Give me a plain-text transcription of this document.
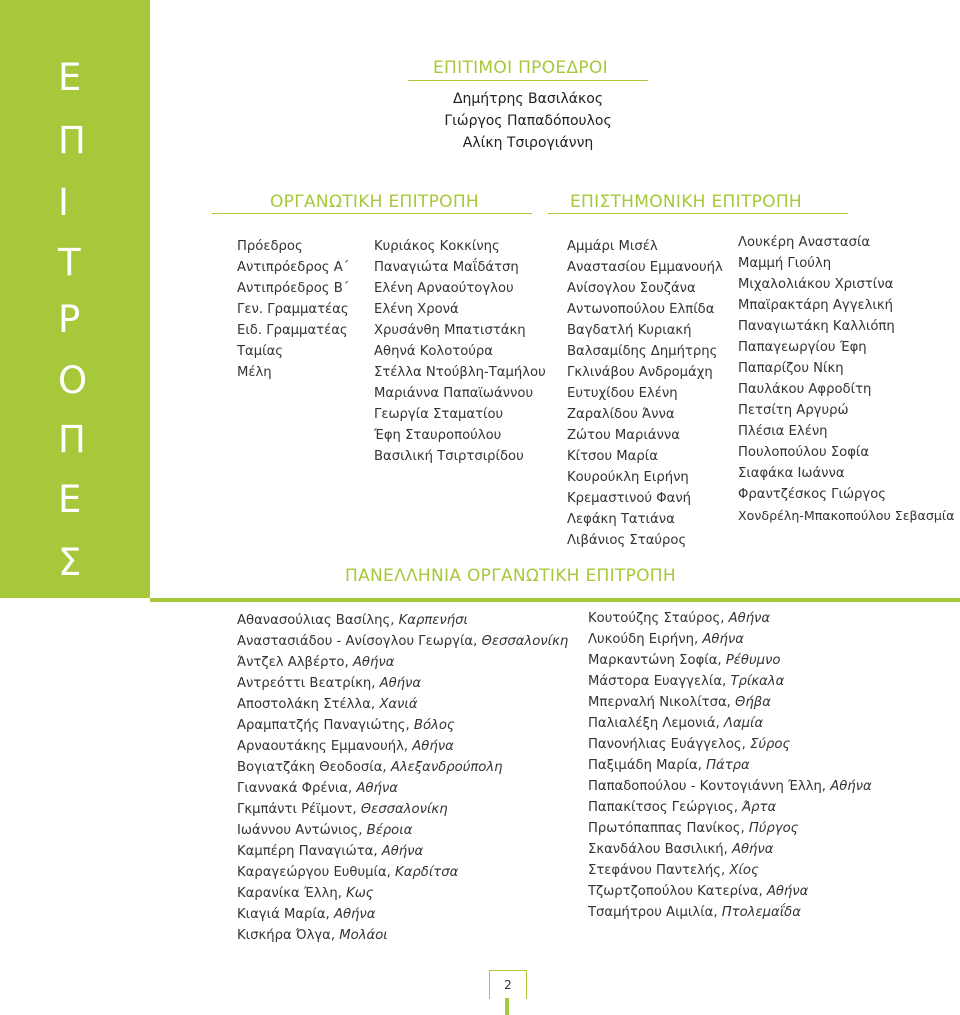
Ε
Π
Ι
Τ
Ρ
Ο
Π
Ε
Σ
ΕΠΙΤΙΜΟΙ ΠΡΟΕΔΡΟΙ
Δημήτρης Βασιλάκος
Γιώργος Παπαδόπουλος
Αλίκη Τσιρογιάννη
ΟΡΓΑΝΩΤΙΚΗ ΕΠΙΤΡΟΠΗ
Πρόεδρος
Αντιπρόεδρος Α΄
Αντιπρόεδρος Β΄
Γεν. Γραμματέας
Ειδ. Γραμματέας
Ταμίας
Μέλη
Κυριάκος Κοκκίνης
Παναγιώτα Μαΐδάτση
Ελένη Αρναούτογλου
Ελένη Χρονά
Χρυσάνθη Μπατιστάκη
Αθηνά Κολοτούρα
Στέλλα Ντούβλη-Ταμήλου
Μαριάννα Παπαϊωάννου
Γεωργία Σταματίου
Έφη Σταυροπούλου
Βασιλική Τσιρτσιρίδου
ΕΠΙΣΤΗΜΟΝΙΚΗ ΕΠΙΤΡΟΠΗ
Αμμάρι Μισέλ
Αναστασίου Εμμανουήλ
Ανίσογλου Σουζάνα
Αντωνοπούλου Ελπίδα
Βαγδατλή Κυριακή
Βαλσαμίδης Δημήτρης
Γκλινάβου Ανδρομάχη
Ευτυχίδου Ελένη
Ζαραλίδου Άννα
Ζώτου Μαριάννα
Κίτσου Μαρία
Κουρούκλη Ειρήνη
Κρεμαστινού Φανή
Λεφάκη Τατιάνα
Λιβάνιος Σταύρος
Λουκέρη Αναστασία
Μαμμή Γιούλη
Μιχαλολιάκου Χριστίνα
Μπαϊρακτάρη Αγγελική
Παναγιωτάκη Καλλιόπη
Παπαγεωργίου Έφη
Παπαρίζου Νίκη
Παυλάκου Αφροδίτη
Πετσίτη Αργυρώ
Πλέσια Ελένη
Πουλοπούλου Σοφία
Σιαφάκα Ιωάννα
Φραντζέσκος Γιώργος
Χονδρέλη-Μπακοπούλου Σεβασμία
ΠΑΝΕΛΛΗΝΙΑ ΟΡΓΑΝΩΤΙΚΗ ΕΠΙΤΡΟΠΗ
Αθανασούλιας Βασίλης, Καρπενήσι
Αναστασιάδου - Ανίσογλου Γεωργία, Θεσσαλονίκη
Άντζελ Αλβέρτο, Αθήνα
Αντρεόττι Βεατρίκη, Αθήνα
Αποστολάκη Στέλλα, Χανιά
Αραμπατζής Παναγιώτης, Βόλος
Αρναουτάκης Εμμανουήλ, Αθήνα
Βογιατζάκη Θεοδοσία, Αλεξανδρούπολη
Γιαννακά Φρένια, Αθήνα
Γκμπάντι Ρέϊμοντ, Θεσσαλονίκη
Ιωάννου Αντώνιος, Βέροια
Καμπέρη Παναγιώτα, Αθήνα
Καραγεώργου Ευθυμία, Καρδίτσα
Καρανίκα Έλλη, Κως
Κιαγιά Μαρία, Αθήνα
Κισκήρα Όλγα, Μολάοι
Κουτούζης Σταύρος, Αθήνα
Λυκούδη Ειρήνη, Αθήνα
Μαρκαντώνη Σοφία, Ρέθυμνο
Μάστορα Ευαγγελία, Τρίκαλα
Μπερναλή Νικολίτσα, Θήβα
Παλιαλέξη Λεμονιά, Λαμία
Πανονήλιας Ευάγγελος, Σύρος
Παξιμάδη Μαρία, Πάτρα
Παπαδοπούλου - Κοντογιάννη Έλλη, Αθήνα
Παπακίτσος Γεώργιος, Άρτα
Πρωτόπαππας Πανίκος, Πύργος
Σκανδάλου Βασιλική, Αθήνα
Στεφάνου Παντελής, Χίος
Τζωρτζοπούλου Κατερίνα, Αθήνα
Τσαμήτρου Αιμιλία, Πτολεμαΐδα
2
